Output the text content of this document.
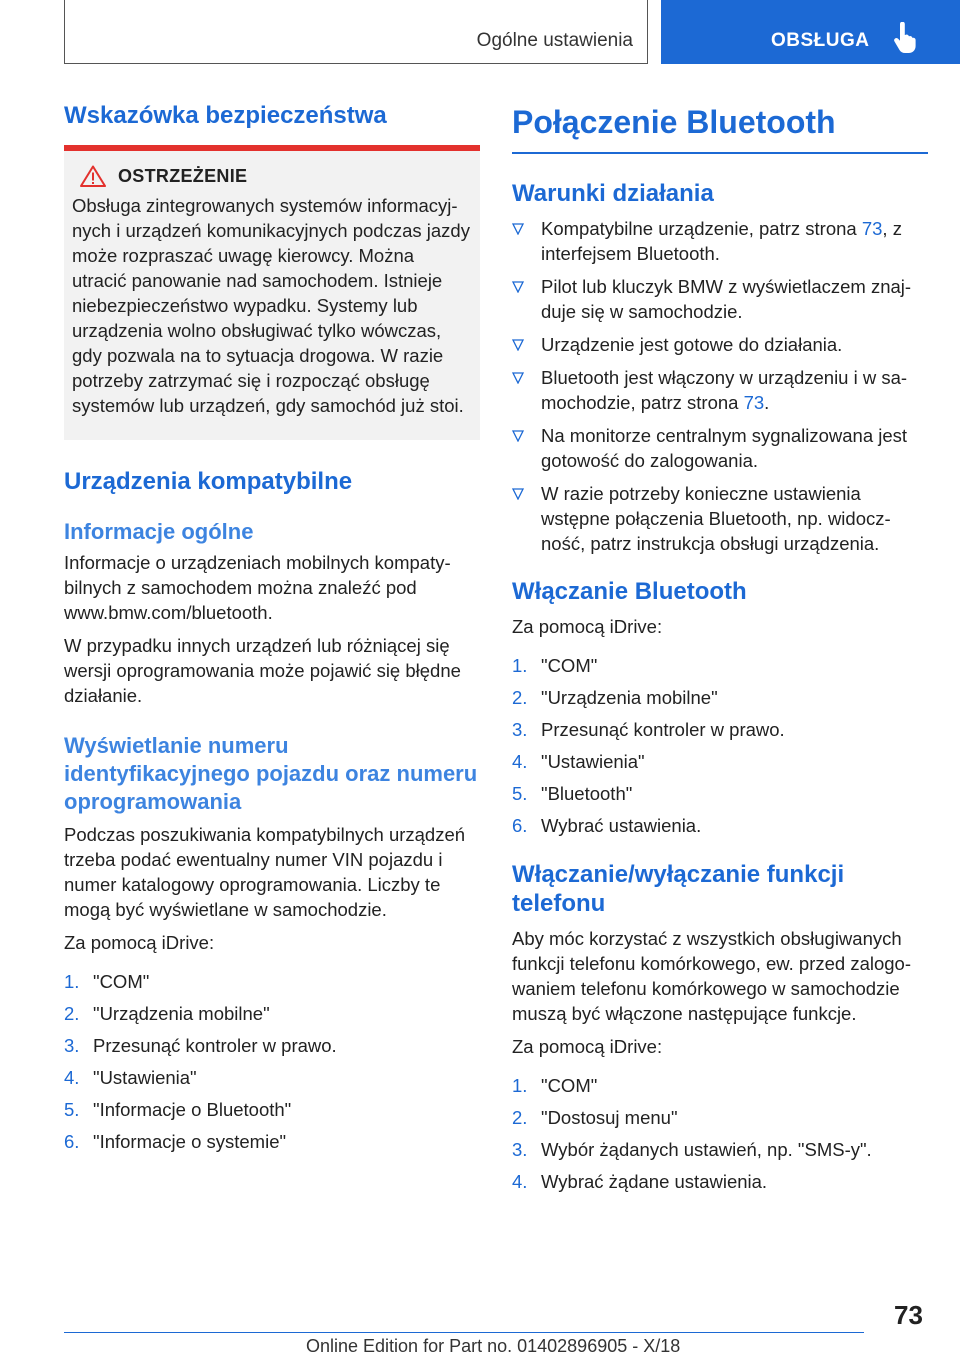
Ogólne ustawienia	OBSŁUGA
Wskazówka bezpieczeństwa
OSTRZEŻENIE

Obsługa zintegrowanych systemów informacyj-nych i urządzeń komunikacyjnych podczas jazdy może rozpraszać uwagę kierowcy. Można utracić panowanie nad samochodem. Istnieje niebezpieczeństwo wypadku. Systemy lub urządzenia wolno obsługiwać tylko wówczas, gdy pozwala na to sytuacja drogowa. W razie potrzeby zatrzymać się i rozpocząć obsługę systemów lub urządzeń, gdy samochód już stoi.

Urządzenia kompatybilne
Informacje ogólne

Informacje o urządzeniach mobilnych kompaty-bilnych z samochodem można znaleźć pod www.bmw.com/bluetooth.

W przypadku innych urządzeń lub różniącej się wersji oprogramowania może pojawić się błędne działanie.

Wyświetlanie numeru identyfikacyjnego pojazdu oraz numeru oprogramowania

Podczas poszukiwania kompatybilnych urządzeń trzeba podać ewentualny numer VIN pojazdu i numer katalogowy oprogramowania. Liczby te mogą być wyświetlane w samochodzie.

Za pomocą iDrive:

1. "COM"
2. "Urządzenia mobilne"
3. Przesunąć kontroler w prawo.
4. "Ustawienia"
5. "Informacje o Bluetooth"
6. "Informacje o systemie"
Połączenie Bluetooth
Warunki działania
Kompatybilne urządzenie, patrz strona 73, z interfejsem Bluetooth.
Pilot lub kluczyk BMW z wyświetlaczem znaj-duje się w samochodzie.
Urządzenie jest gotowe do działania.
Bluetooth jest włączony w urządzeniu i w sa-mochodzie, patrz strona 73.
Na monitorze centralnym sygnalizowana jest gotowość do zalogowania.
W razie potrzeby konieczne ustawienia wstępne połączenia Bluetooth, np. widocz-ność, patrz instrukcja obsługi urządzenia.
Włączanie Bluetooth

Za pomocą iDrive:

1. "COM"
2. "Urządzenia mobilne"
3. Przesunąć kontroler w prawo.
4. "Ustawienia"
5. "Bluetooth"
6. Wybrać ustawienia.
Włączanie/wyłączanie funkcji telefonu

Aby móc korzystać z wszystkich obsługiwanych funkcji telefonu komórkowego, ew. przed zalogo-waniem telefonu komórkowego w samochodzie muszą być włączone następujące funkcje.

Za pomocą iDrive:

1. "COM"
2. "Dostosuj menu"
3. Wybór żądanych ustawień, np. "SMS-y".
4. Wybrać żądane ustawienia.
73
Online Edition for Part no. 01402896905 - X/18
